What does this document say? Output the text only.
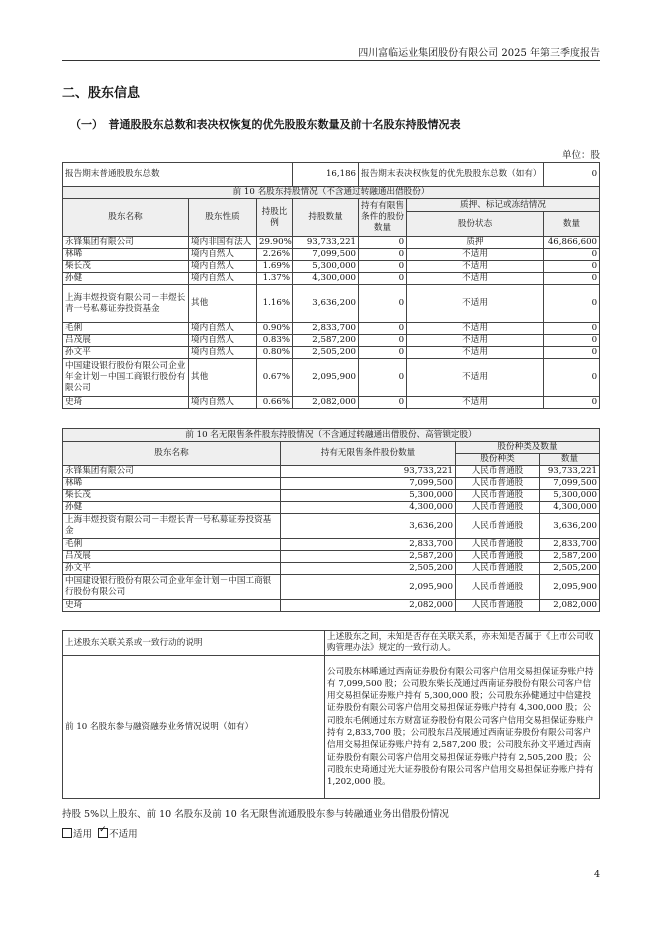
四川富临运业集团股份有限公司 2025 年第三季度报告
二、股东信息
（一）　普通股股东总数和表决权恢复的优先股股东数量及前十名股东持股情况表
单位：股
报告期末普通股股东总数			16,186	报告期末表决权恢复的优先股股东总数（如有）		0
前 10 名股东持股情况（不含通过转融通出借股份）						
股东名称	股东性质	持股比例	持股数量	持有有限售条件的股份数量	质押、标记或冻结情况	
					股份状态	数量
永锋集团有限公司	境内非国有法人	29.90%	93,733,221	0	质押	46,866,600
林晞	境内自然人	2.26%	7,099,500	0	不适用	0
柴长茂	境内自然人	1.69%	5,300,000	0	不适用	0
孙健	境内自然人	1.37%	4,300,000	0	不适用	0
上海丰煜投资有限公司－丰煜长青一号私募证券投资基金	其他	1.16%	3,636,200	0	不适用	0
毛俐	境内自然人	0.90%	2,833,700	0	不适用	0
吕茂展	境内自然人	0.83%	2,587,200	0	不适用	0
孙文平	境内自然人	0.80%	2,505,200	0	不适用	0
中国建设银行股份有限公司企业年金计划－中国工商银行股份有限公司	其他	0.67%	2,095,900	0	不适用	0
史琦	境内自然人	0.66%	2,082,000	0	不适用	0
前 10 名无限售条件股东持股情况（不含通过转融通出借股份、高管锁定股）			
股东名称	持有无限售条件股份数量	股份种类及数量	
		股份种类	数量
永锋集团有限公司	93,733,221	人民币普通股	93,733,221
林晞	7,099,500	人民币普通股	7,099,500
柴长茂	5,300,000	人民币普通股	5,300,000
孙健	4,300,000	人民币普通股	4,300,000
上海丰煜投资有限公司－丰煜长青一号私募证券投资基金	3,636,200	人民币普通股	3,636,200
毛俐	2,833,700	人民币普通股	2,833,700
吕茂展	2,587,200	人民币普通股	2,587,200
孙文平	2,505,200	人民币普通股	2,505,200
中国建设银行股份有限公司企业年金计划－中国工商银行股份有限公司	2,095,900	人民币普通股	2,095,900
史琦	2,082,000	人民币普通股	2,082,000
上述股东关联关系或一致行动的说明	上述股东之间，未知是否存在关联关系，亦未知是否属于《上市公司收购管理办法》规定的一致行动人。
前 10 名股东参与融资融券业务情况说明（如有）	公司股东林晞通过西南证券股份有限公司客户信用交易担保证券账户持有 7,099,500 股；公司股东柴长茂通过西南证券股份有限公司客户信用交易担保证券账户持有 5,300,000 股；公司股东孙健通过中信建投证券股份有限公司客户信用交易担保证券账户持有 4,300,000 股；公司股东毛俐通过东方财富证券股份有限公司客户信用交易担保证券账户持有 2,833,700 股；公司股东吕茂展通过西南证券股份有限公司客户信用交易担保证券账户持有 2,587,200 股；公司股东孙文平通过西南证券股份有限公司客户信用交易担保证券账户持有 2,505,200 股；公司股东史琦通过光大证券股份有限公司客户信用交易担保证券账户持有 1,202,000 股。
持股 5%以上股东、前 10 名股东及前 10 名无限售流通股股东参与转融通业务出借股份情况
适用 ✓ 不适用
4
